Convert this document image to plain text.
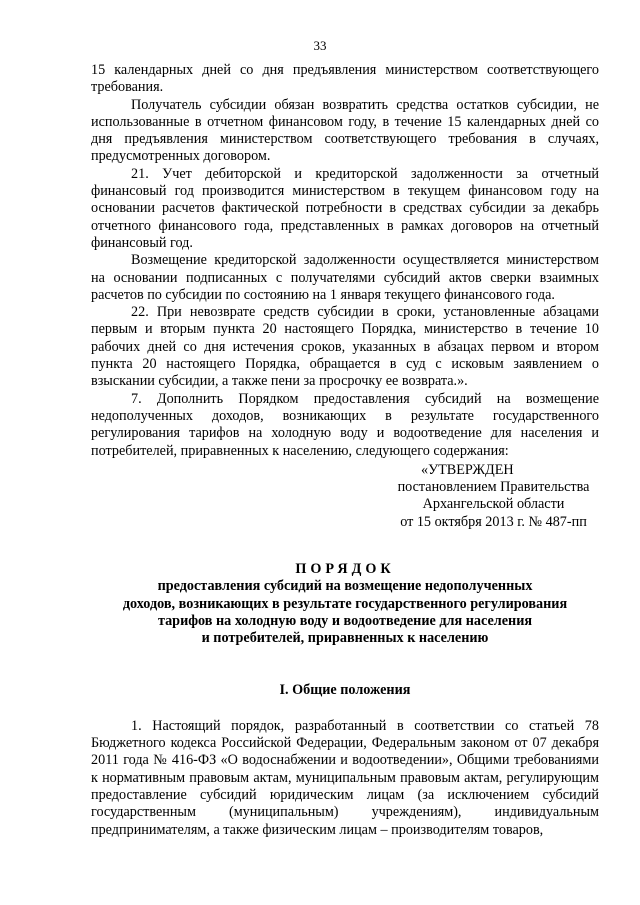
33

15 календарных дней со дня предъявления министерством соответствующего требования.

Получатель субсидии обязан возвратить средства остатков субсидии, не использованные в отчетном финансовом году, в течение 15 календарных дней со дня предъявления министерством соответствующего требования в случаях, предусмотренных договором.

21. Учет дебиторской и кредиторской задолженности за отчетный финансовый год производится министерством в текущем финансовом году на основании расчетов фактической потребности в средствах субсидии за декабрь отчетного финансового года, представленных в рамках договоров на отчетный финансовый год.

Возмещение кредиторской задолженности осуществляется министерством на основании подписанных с получателями субсидий актов сверки взаимных расчетов по субсидии по состоянию на 1 января текущего финансового года.

22. При невозврате средств субсидии в сроки, установленные абзацами первым и вторым пункта 20 настоящего Порядка, министерство в течение 10 рабочих дней со дня истечения сроков, указанных в абзацах первом и втором пункта 20 настоящего Порядка, обращается в суд с исковым заявлением о взыскании субсидии, а также пени за просрочку ее возврата.».

7. Дополнить Порядком предоставления субсидий на возмещение недополученных доходов, возникающих в результате государственного регулирования тарифов на холодную воду и водоотведение для населения и потребителей, приравненных к населению, следующего содержания:

«УТВЕРЖДЕН
постановлением Правительства
Архангельской области
от 15 октября 2013 г. № 487-пп
ПОРЯДОК
предоставления субсидий на возмещение недополученных
доходов, возникающих в результате государственного регулирования
тарифов на холодную воду и водоотведение для населения
и потребителей, приравненных к населению
I. Общие положения

1. Настоящий порядок, разработанный в соответствии со статьей 78 Бюджетного кодекса Российской Федерации, Федеральным законом от 07 декабря 2011 года № 416-ФЗ «О водоснабжении и водоотведении», Общими требованиями к нормативным правовым актам, муниципальным правовым актам, регулирующим предоставление субсидий юридическим лицам (за исключением субсидий государственным (муниципальным) учреждениям), индивидуальным предпринимателям, а также физическим лицам – производителям товаров,
